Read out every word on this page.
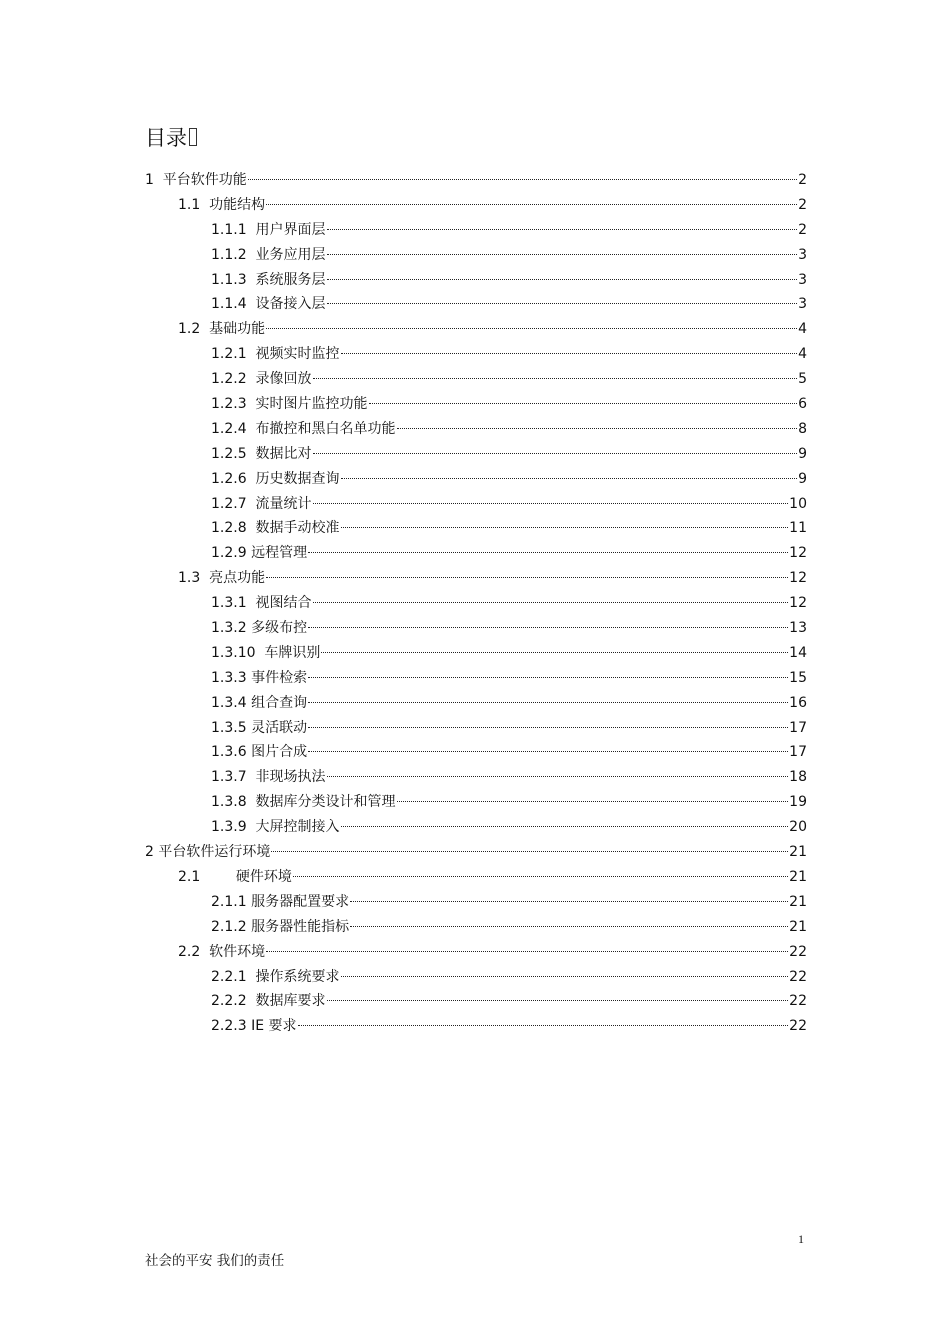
目录
1  平台软件功能	2
1.1  功能结构	2
1.1.1  用户界面层	2
1.1.2  业务应用层	3
1.1.3  系统服务层	3
1.1.4  设备接入层	3
1.2  基础功能	4
1.2.1  视频实时监控	4
1.2.2  录像回放	5
1.2.3  实时图片监控功能	6
1.2.4  布撤控和黑白名单功能	8
1.2.5  数据比对	9
1.2.6  历史数据查询	9
1.2.7  流量统计	10
1.2.8  数据手动校准	11
1.2.9 远程管理	12
1.3  亮点功能	12
1.3.1  视图结合	12
1.3.2 多级布控	13
1.3.10  车牌识别	14
1.3.3 事件检索	15
1.3.4 组合查询	16
1.3.5 灵活联动	17
1.3.6 图片合成	17
1.3.7  非现场执法	18
1.3.8  数据库分类设计和管理	19
1.3.9  大屏控制接入	20
2 平台软件运行环境	21
2.1        硬件环境	21
2.1.1 服务器配置要求	21
2.1.2 服务器性能指标	21
2.2  软件环境	22
2.2.1  操作系统要求	22
2.2.2  数据库要求	22
2.2.3 IE 要求	22
1
社会的平安 我们的责任
